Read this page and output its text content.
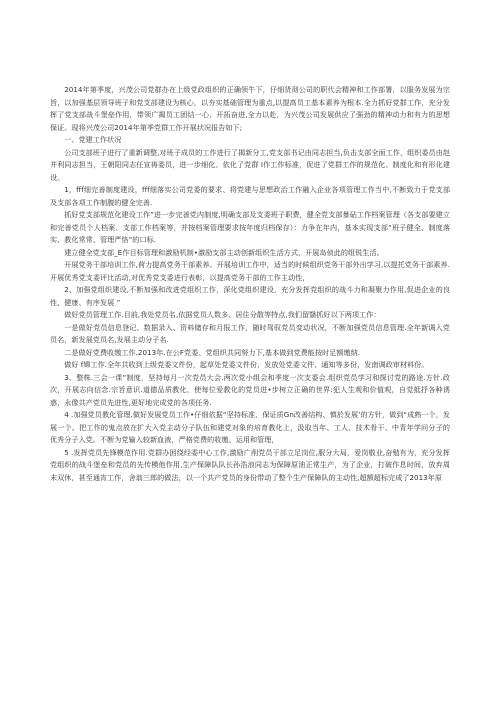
2014年第季度，兴茂公司党群办在上级党政组织的正确领牛下，仔细货彻公司的职代会精神和工作部署，以服务发展为宗旨，以加强基层领导班子和党支部建设为核心，以夯实基础管理为重点,以提高员工基本素养为根本.全力抓好党群工作，充分发挥了党支部战斗堡垒作用，带领广揭员工团结一心，开拓奋进,全力以赴，为兴茂公司发展供应了强劲的精神动力和有力的思想保证。现将兴茂公司2014年第季党群工作开展状况报告如下;

一、党建工作状况

公司支部班子进行了重新调整,对班子成员的工作进行了揭新分工,党支部书记由同志担当,负击支部全面工作，组织委员由赵井利同志担当，王朝阳同志任宣祷委员，进一步细化、依化了党群 I作工作标准，促进了党群工作的规范化、制度化和有形化建设。

1，fff细完善制度建设，fff细落实公司党委的要求、将党建与思想政治工作融入企业各项管理工作当中,不断致力于党支部及支部各项工作制腹的健全完善.

抓好党支部规范化建设工作”进一步完善党内制度,明确支部及支委班子职费，健全党支部暴砧工作档案管理（各支部要建立和完善党员个人档案、支部工作档案等，并按档案管理要求按年度归档保存）：力争在年内，基本实现支部“班子健全、制度落实、教化常常、管理严恪”的口标.

建立健全党支部_E作目标管理和激励机制•激励支部主动创新组织生活方式，开展岛侦此的组锐生活。

开展党务干部培训工作,荷力提高党务干部素养。开展培训工作中，适当的时候组织党务干部外出学习,以提托党务干部素养.开展优秀党支委评比活动,对优秀党支委进行表彰，以提高党务干部的工作主动性，

2、加强党组织建设,不断加强和改进党组织工作，深化党组织建设，充分发挥党组织的战斗力和凝聚力作用,促进企业的良性、健康、有序发展 ”

做好党员管理工作.目前,我处党员名,依据党员人数多、居住分散等特点,我们留翳抓好以下两项工作：

一是做好党员信息登记、数据录入、资料储存和月报工作，随时驾驭党员变动状况，不断加强党员信息管理.全年新调入党员名，新发展党员名,发展主动分子名.

二是做好党费收缴工作.2013年.在公F党委、党组织共同努力下,基本做到党费能按时足额缴纳.

做好 f嫦工作.全年共收到上级党委文件份，起草处党委文件份，发放处党委文件、通知等多份，发南调政审材料份。

3、整株.三会一课”制度，坚持每月一次党员大会.两次党小组会和季度一次支委会.组织党员学习和探讨党的路途.方针.政次，开展志向信念.宗旨意识.道德品质教化，使每位爱教化的党员进•步树立正确的世界:犯人生观和价值观，自觉抵抒各种诱惑，永像共产党员先进性,更好地完成党的各项任务.

4 .加强党员教化管理.做好发展党员工作•仔细依据“坚持标准、保证质Gn改善结构、慎於发展’的方针，做到“成熟一个，发展一个。把工作的鬼点放在扩大入党主动分子队伍和建党对象的培育教化上，汲取当年、工人、技术骨干、中青年学问分子的优秀分子入党。不断为党输入较新血液，严格党费的收缴、运用和管理，

5 .发挥党员先锋模范作用.党群办困绕经委中心工作,激励广削党员干部立足岗位,服分大局，爱岗敬业,奋勉有为，充分发挥党组织的战斗堡垒和党员的先传模他作用,生产保障队队长孙浩浪同志为保障原油正常生产，为了企业，打破作息时间，放弃周末双休，甚至通宵工作，舍翁三郎的做法，以一个共产党员的身份带动了整个生产保障队的主动性,超额超标完成了2013年原
